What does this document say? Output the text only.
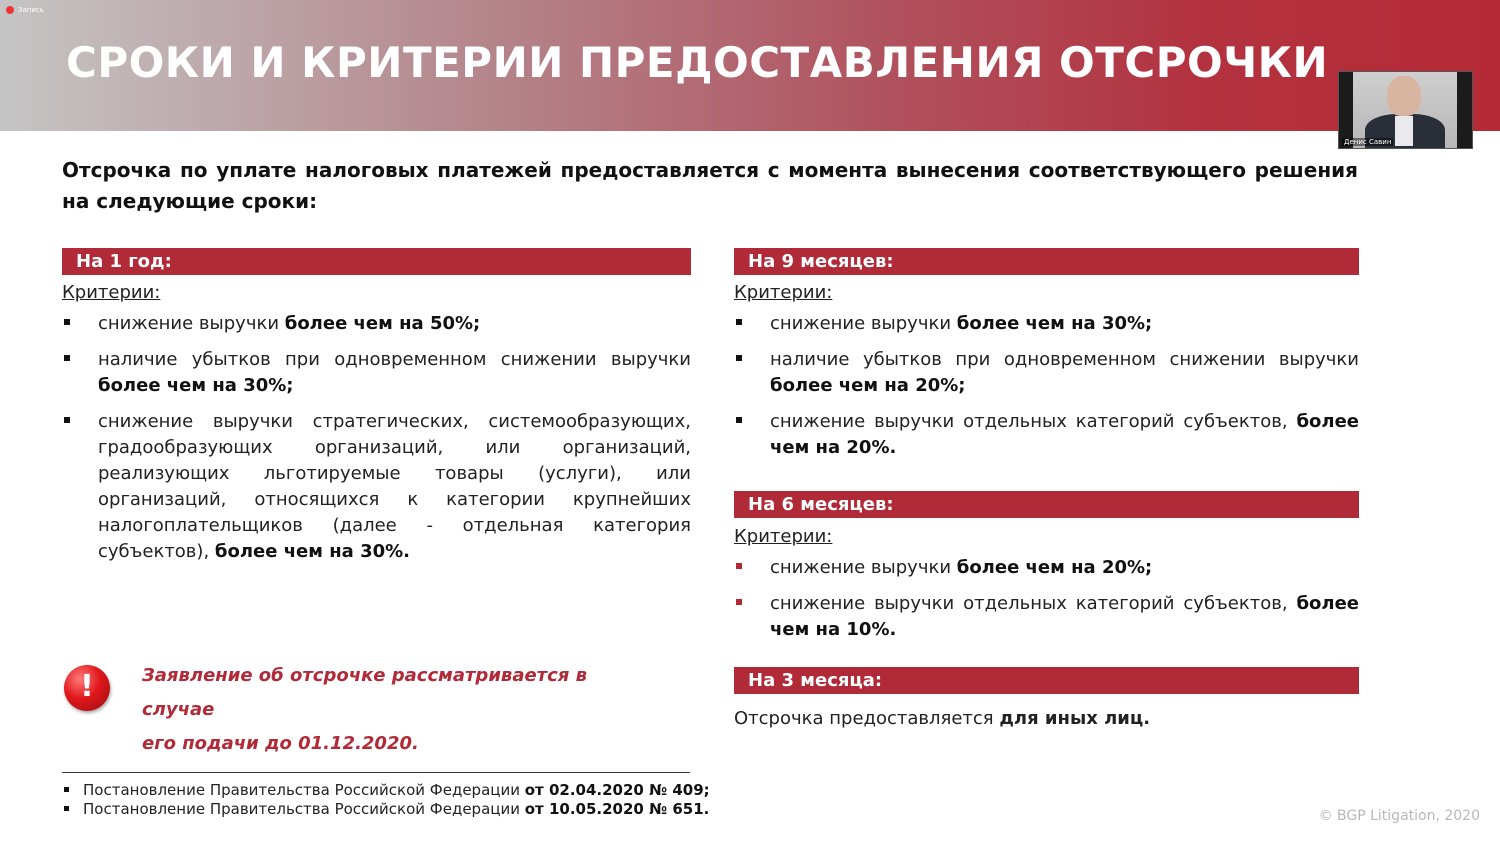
Запись
СРОКИ И КРИТЕРИИ ПРЕДОСТАВЛЕНИЯ ОТСРОЧКИ
Денис Савин
Отсрочка по уплате налоговых платежей предоставляется с момента вынесения соответствующего решения на следующие сроки:
На 1 год:
Критерии:
снижение выручки более чем на 50%;
наличие убытков при одновременном снижении выручки более чем на 30%;
снижение выручки стратегических, системообразующих, градообразующих организаций, или организаций, реализующих льготируемые товары (услуги), или организаций, относящихся к категории крупнейших налогоплательщиков (далее - отдельная категория субъектов), более чем на 30%.
На 9 месяцев:
Критерии:
снижение выручки более чем на 30%;
наличие убытков при одновременном снижении выручки более чем на 20%;
снижение выручки отдельных категорий субъектов, более чем на 20%.
На 6 месяцев:
Критерии:
снижение выручки более чем на 20%;
снижение выручки отдельных категорий субъектов, более чем на 10%.
На 3 месяца:
Отсрочка предоставляется для иных лиц.
!	Заявление об отсрочке рассматривается в случае
его подачи до 01.12.2020.
Постановление Правительства Российской Федерации от 02.04.2020 № 409;
Постановление Правительства Российской Федерации от 10.05.2020 № 651.	© BGP Litigation, 2020
